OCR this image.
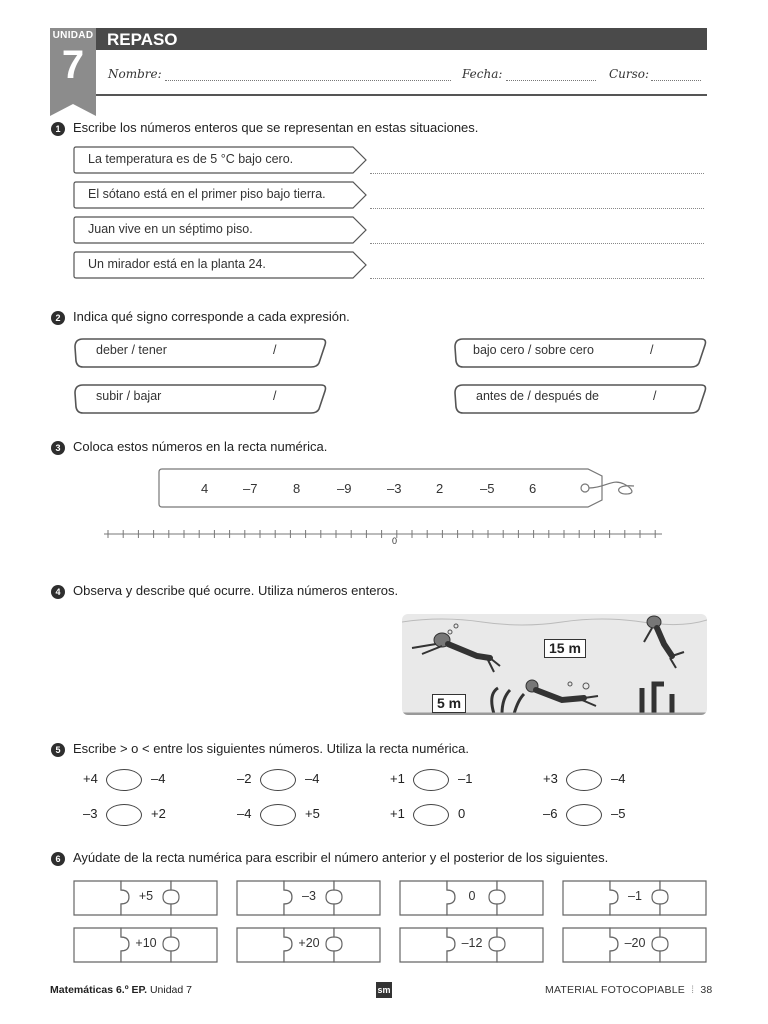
UNIDAD
7
REPASO
Nombre:	Fecha:	Curso:
1 Escribe los números enteros que se representan en estas situaciones.
La temperatura es de 5 °C bajo cero.
El sótano está en el primer piso bajo tierra.
Juan vive en un séptimo piso.
Un mirador está en la planta 24.
2 Indica qué signo corresponde a cada expresión.
deber / tener	/	bajo cero / sobre cero	/
subir / bajar	/	antes de / después de	/
3 Coloca estos números en la recta numérica.
4	–7	8	–9	–3	2	–5	6
0
4 Observa y describe qué ocurre. Utiliza números enteros.
15 m
5 m
5 Escribe > o < entre los siguientes números. Utiliza la recta numérica.
+4	–4	–2	–4	+1	–1	+3	–4
–3	+2	–4	+5	+1	0	–6	–5
6 Ayúdate de la recta numérica para escribir el número anterior y el posterior de los siguientes.
+5	–3	0	–1
+10	+20	–12	–20
Matemáticas 6.º EP. Unidad 7	sm	MATERIAL FOTOCOPIABLE ⁞ 38
